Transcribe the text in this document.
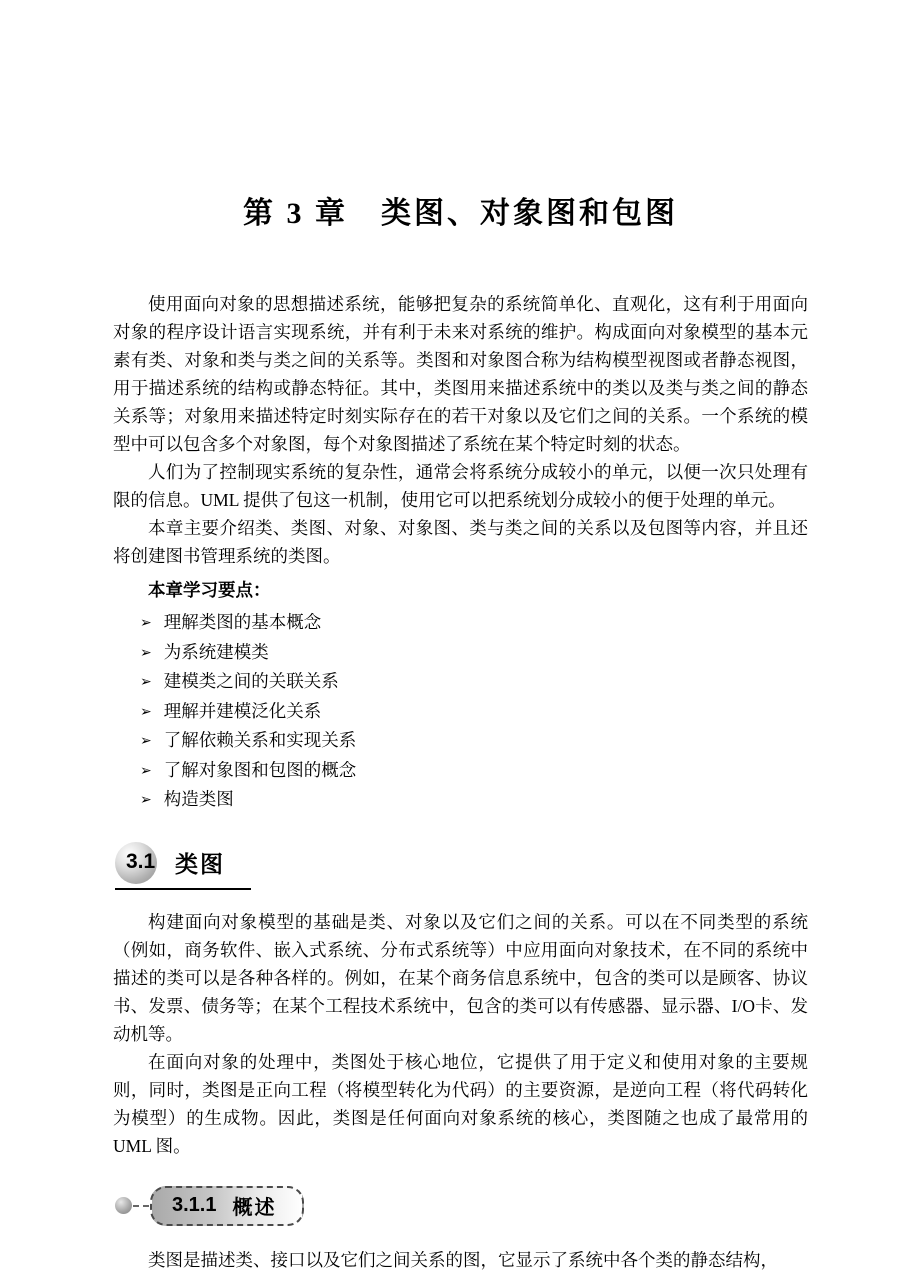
第 3 章　类图、对象图和包图

使用面向对象的思想描述系统，能够把复杂的系统简单化、直观化，这有利于用面向对象的程序设计语言实现系统，并有利于未来对系统的维护。构成面向对象模型的基本元素有类、对象和类与类之间的关系等。类图和对象图合称为结构模型视图或者静态视图，用于描述系统的结构或静态特征。其中，类图用来描述系统中的类以及类与类之间的静态关系等；对象用来描述特定时刻实际存在的若干对象以及它们之间的关系。一个系统的模型中可以包含多个对象图，每个对象图描述了系统在某个特定时刻的状态。

人们为了控制现实系统的复杂性，通常会将系统分成较小的单元，以便一次只处理有限的信息。UML 提供了包这一机制，使用它可以把系统划分成较小的便于处理的单元。

本章主要介绍类、类图、对象、对象图、类与类之间的关系以及包图等内容，并且还将创建图书管理系统的类图。

本章学习要点：

➢ 理解类图的基本概念
➢ 为系统建模类
➢ 建模类之间的关联关系
➢ 理解并建模泛化关系
➢ 了解依赖关系和实现关系
➢ 了解对象图和包图的概念
➢ 构造类图
3.1 类图

构建面向对象模型的基础是类、对象以及它们之间的关系。可以在不同类型的系统（例如，商务软件、嵌入式系统、分布式系统等）中应用面向对象技术，在不同的系统中描述的类可以是各种各样的。例如，在某个商务信息系统中，包含的类可以是顾客、协议书、发票、债务等；在某个工程技术系统中，包含的类可以有传感器、显示器、I/O卡、发动机等。

在面向对象的处理中，类图处于核心地位，它提供了用于定义和使用对象的主要规则，同时，类图是正向工程（将模型转化为代码）的主要资源，是逆向工程（将代码转化为模型）的生成物。因此，类图是任何面向对象系统的核心，类图随之也成了最常用的 UML 图。

3.1.1 概述

类图是描述类、接口以及它们之间关系的图，它显示了系统中各个类的静态结构，
